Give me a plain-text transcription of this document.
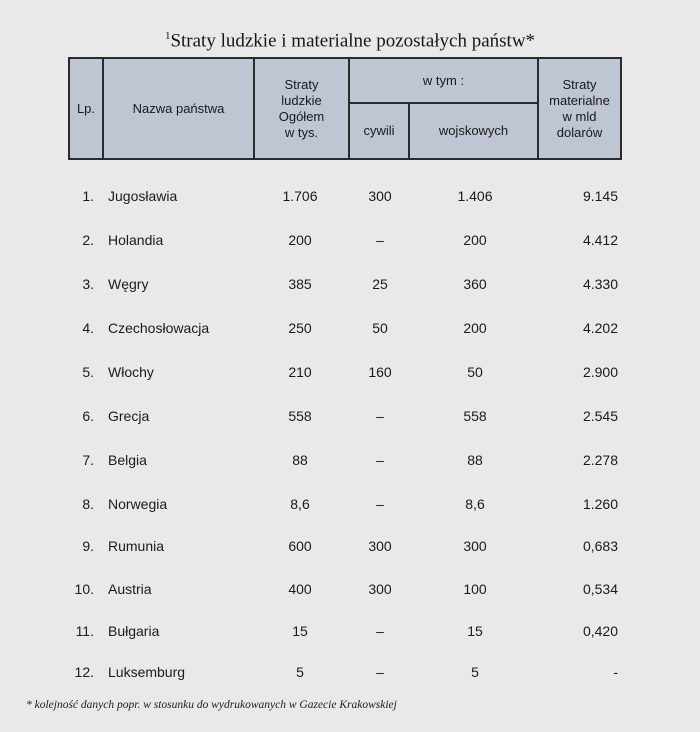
$^1$Straty ludzkie i materialne pozostałych państw*
Lp.	Nazwa państwa
Straty
ludzkie
Ogółem
w tys.
w tym :
cywili	wojskowych
Straty
materialne
w mld
dolarów
1. Jugosławia	1.706	300	1.406	9.145
2. Holandia	200	–	200	4.412
3. Węgry	385	25	360	4.330
4. Czechosłowacja	250	50	200	4.202
5. Włochy	210	160	50	2.900
6. Grecja	558	–	558	2.545
7. Belgia	88	–	88	2.278
8. Norwegia	8,6	–	8,6	1.260
9. Rumunia	600	300	300	0,683
10. Austria	400	300	100	0,534
11. Bułgaria	15	–	15	0,420
12. Luksemburg	5	–	5	-
* kolejność danych popr. w stosunku do wydrukowanych w Gazecie Krakowskiej
